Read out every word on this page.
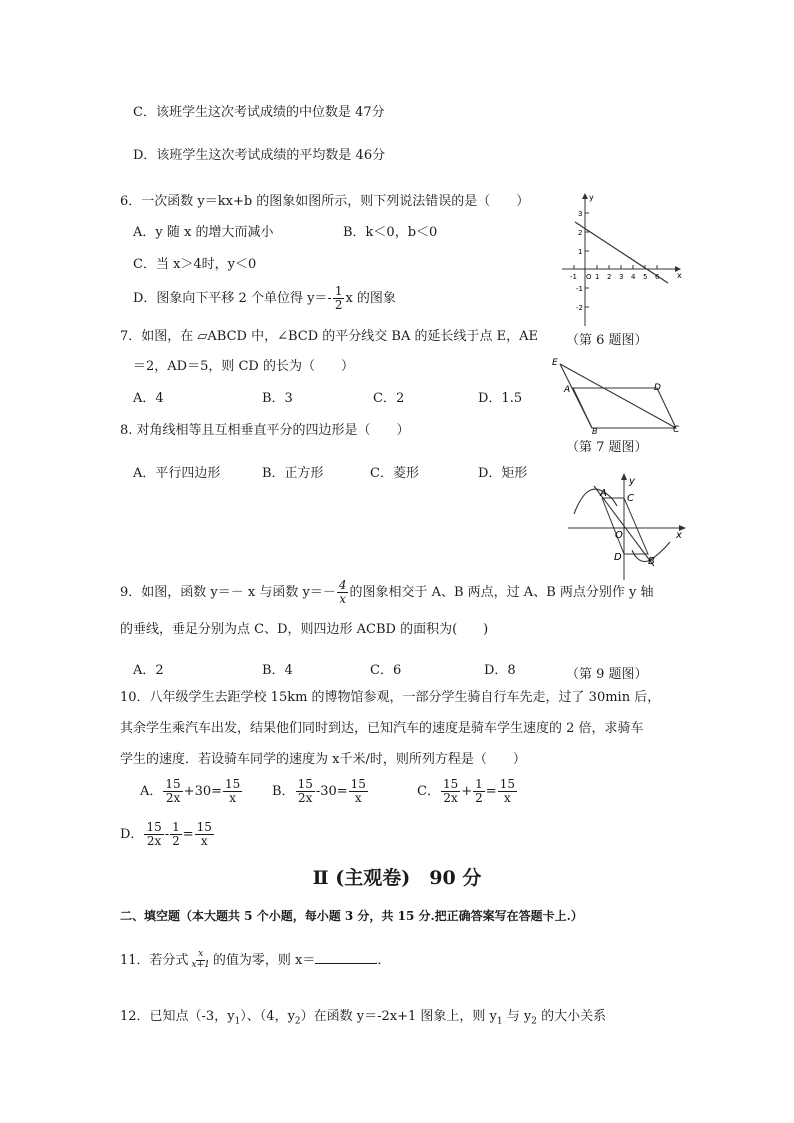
C．该班学生这次考试成绩的中位数是 47分
D．该班学生这次考试成绩的平均数是 46分
6．一次函数 y＝kx+b 的图象如图所示，则下列说法错误的是（　　）
A．y 随 x 的增大而减小	B．k＜0，b＜0
C．当 x＞4时，y＜0
D．图象向下平移 2 个单位得 $y=- \frac{1}{2}$ x 的图象
y
x
O
3
2
1
-1
-2
-1	1 2 3 4 5 6
（第 6 题图）
7．如图，在 ▱ABCD 中，∠BCD 的平分线交 BA 的延长线于点 E，AE
＝2，AD＝5，则 CD 的长为（　　）
A．4	B．3	C．2	D．1.5
E
A	D
B	C
（第 7 题图）
8. 对角线相等且互相垂直平分的四边形是（　　）
A．平行四边形	B．正方形	C．菱形	D．矩形
A C
O
D	B
x
y
9．如图，函数 y＝－ x 与函数 $y=- \frac{4}{x}$ 的图象相交于 A、B 两点，过 A、B 两点分别作 y 轴
的垂线，垂足分别为点 C、D，则四边形 ACBD 的面积为(　　)
A．2	B．4	C．6	D．8	（第 9 题图）
10．八年级学生去距学校 15km 的博物馆参观，一部分学生骑自行车先走，过了 30min 后，
其余学生乘汽车出发，结果他们同时到达，已知汽车的速度是骑车学生速度的 2 倍，求骑车
学生的速度．若设骑车同学的速度为 x千米/时，则所列方程是（　　）
A． $\frac{15}{2x} +30= \frac{15}{x}$ B． $\frac{15}{2x} -30= \frac{15}{x}$	C． $\frac{15}{2x} + \frac{1}{2} = \frac{15}{x}$
D． $\frac{15}{2x} - \frac{1}{2} = \frac{15}{x}$
Ⅱ (主观卷)　90 分
二、填空题（本大题共 5 个小题，每小题 3 分，共 15 分.把正确答案写在答题卡上.）
11．若分式 $\frac{x}{x+1}$ 的值为零，则 x＝	．
12．已知点（-3，$y_1$）、（4，$y_2$）在函数 y＝-2x+1 图象上，则 $y_1$ 与 $y_2$ 的大小关系
